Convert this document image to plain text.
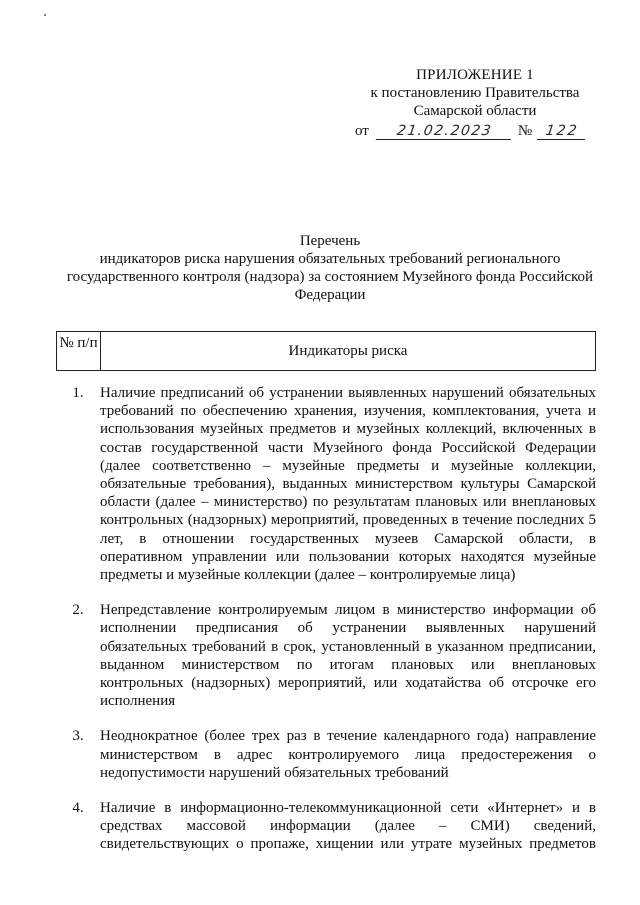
ПРИЛОЖЕНИЕ 1
к постановлению Правительства
Самарской области
от 21.02.2023 № 122
Перечень
индикаторов риска нарушения обязательных требований регионального государственного контроля (надзора) за состоянием Музейного фонда Российской Федерации
№ п/п	Индикаторы риска
1.	Наличие предписаний об устранении выявленных нарушений обязательных требований по обеспечению хранения, изучения, комплектования, учета и использования музейных предметов и музейных коллекций, включенных в состав государственной части Музейного фонда Российской Федерации (далее соответственно – музейные предметы и музейные коллекции, обязательные требования), выданных министерством культуры Самарской области (далее – министерство) по результатам плановых или внеплановых контрольных (надзорных) мероприятий, проведенных в течение последних 5 лет, в отношении государственных музеев Самарской области, в оперативном управлении или пользовании которых находятся музейные предметы и музейные коллекции (далее – контролируемые лица)
2.	Непредставление контролируемым лицом в министерство информации об исполнении предписания об устранении выявленных нарушений обязательных требований в срок, установленный в указанном предписании, выданном министерством по итогам плановых или внеплановых контрольных (надзорных) мероприятий, или ходатайства об отсрочке его исполнения
3.	Неоднократное (более трех раз в течение календарного года) направление министерством в адрес контролируемого лица предостережения о недопустимости нарушений обязательных требований
4.	Наличие в информационно-телекоммуникационной сети «Интернет» и в средствах массовой информации (далее – СМИ) сведений, свидетельствующих о пропаже, хищении или утрате музейных предметов
